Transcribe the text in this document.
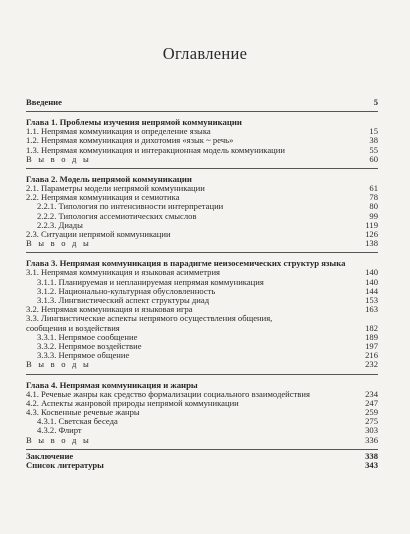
Оглавление
Введение	5
Глава 1. Проблемы изучения непрямой коммуникации
1.1. Непрямая коммуникация и определение языка	15
1.2. Непрямая коммуникация и дихотомия «язык ~ речь»	38
1.3. Непрямая коммуникация и интеракционная модель коммуникации	55
В ы в о д ы	60
Глава 2. Модель непрямой коммуникации
2.1. Параметры модели непрямой коммуникации	61
2.2. Непрямая коммуникация и семиотика	78
2.2.1. Типология по интенсивности интерпретации	80
2.2.2. Типология ассемиотических смыслов	99
2.2.3. Диады	119
2.3. Ситуации непрямой коммуникации	126
В ы в о д ы	138
Глава 3. Непрямая коммуникация в парадигме неизосемических структур языка
3.1. Непрямая коммуникация и языковая асимметрия	140
3.1.1. Планируемая и непланируемая непрямая коммуникация	140
3.1.2. Национально-культурная обусловленность	144
3.1.3. Лингвистический аспект структуры диад	153
3.2. Непрямая коммуникация и языковая игра	163
3.3. Лингвистические аспекты непрямого осуществления общения,
сообщения и воздействия	182
3.3.1. Непрямое сообщение	189
3.3.2. Непрямое воздействие	197
3.3.3. Непрямое общение	216
В ы в о д ы	232
Глава 4. Непрямая коммуникация и жанры
4.1. Речевые жанры как средство формализации социального взаимодействия	234
4.2. Аспекты жанровой природы непрямой коммуникации	247
4.3. Косвенные речевые жанры	259
4.3.1. Светская беседа	275
4.3.2. Флирт	303
В ы в о д ы	336
Заключение	338
Список литературы	343
